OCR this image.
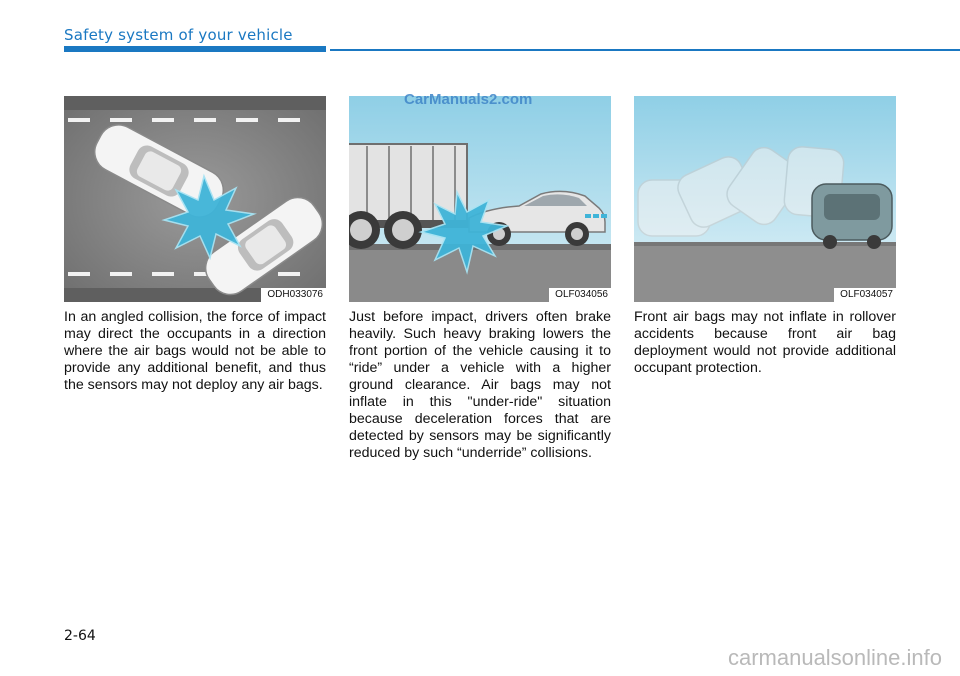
Safety system of your vehicle
ODH033076	OLF034056	OLF034057
CarManuals2.com

In an angled collision, the force of impact may direct the occupants in a direction where the air bags would not be able to provide any additional benefit, and thus the sensors may not deploy any air bags.

Just before impact, drivers often brake heavily. Such heavy braking lowers the front portion of the vehicle causing it to “ride” under a vehicle with a higher ground clearance. Air bags may not inflate in this "under-ride" situation because deceleration forces that are detected by sensors may be significantly reduced by such “underride” collisions.

Front air bags may not inflate in rollover accidents because front air bag deployment would not provide additional occupant protection.

2-64
carmanualsonline.info
